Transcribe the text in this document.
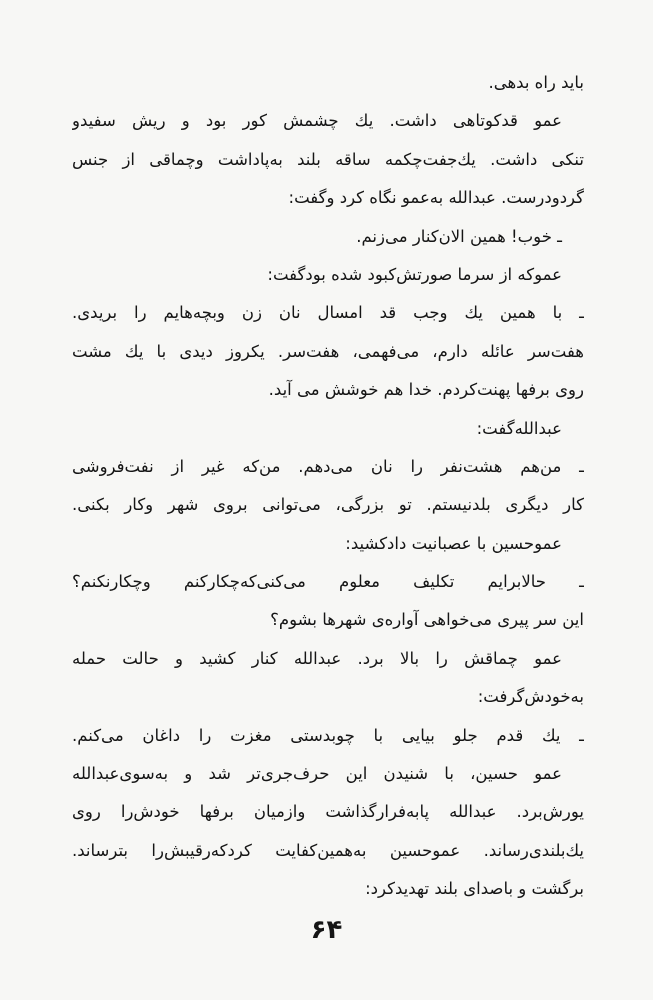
باید راه بدهی.
عمو قدکوتاهی داشت. یك چشمش کور بود و ریش سفیدو
تنکی داشت. یك‌جفت‌چکمه ساقه بلند به‌پاداشت وچماقی از جنس
گردودرست. عبدالله به‌عمو نگاه کرد وگفت:
ـ خوب! همین الان‌کنار می‌زنم.
عموکه از سرما صورتش‌کبود شده بودگفت:
ـ با همین یك وجب قد امسال نان زن وبچه‌هایم را بریدی.
هفت‌سر عائله دارم، می‌فهمی، هفت‌سر. یکروز دیدی با یك مشت
روی برفها پهنت‌کردم. خدا هم خوشش می آید.
عبدالله‌گفت:
ـ من‌هم هشت‌نفر را نان می‌دهم. من‌که غیر از نفت‌فروشی
کار دیگری بلدنیستم. تو بزرگی، می‌توانی بروی شهر وکار بکنی.
عموحسین با عصبانیت دادکشید:
ـ حالابرایم تکلیف معلوم می‌کنی‌که‌چکارکنم وچکارنکنم؟
این سر پیری می‌خواهی آواره‌ی شهرها بشوم؟
عمو چماقش را بالا برد. عبدالله کنار کشید و حالت حمله
به‌خودش‌گرفت:
ـ یك قدم جلو بیایی با چوبدستی مغزت را داغان می‌کنم.
عمو حسین، با شنیدن این حرف‌جری‌تر شد و به‌سوی‌عبدالله
یورش‌برد. عبدالله پابه‌فرارگذاشت وازمیان برفها خودش‌را روی
یك‌بلندی‌رساند. عموحسین به‌همین‌کفایت کردکه‌رقیبش‌را بترساند.
برگشت و باصدای بلند تهدیدکرد:
۶۴
